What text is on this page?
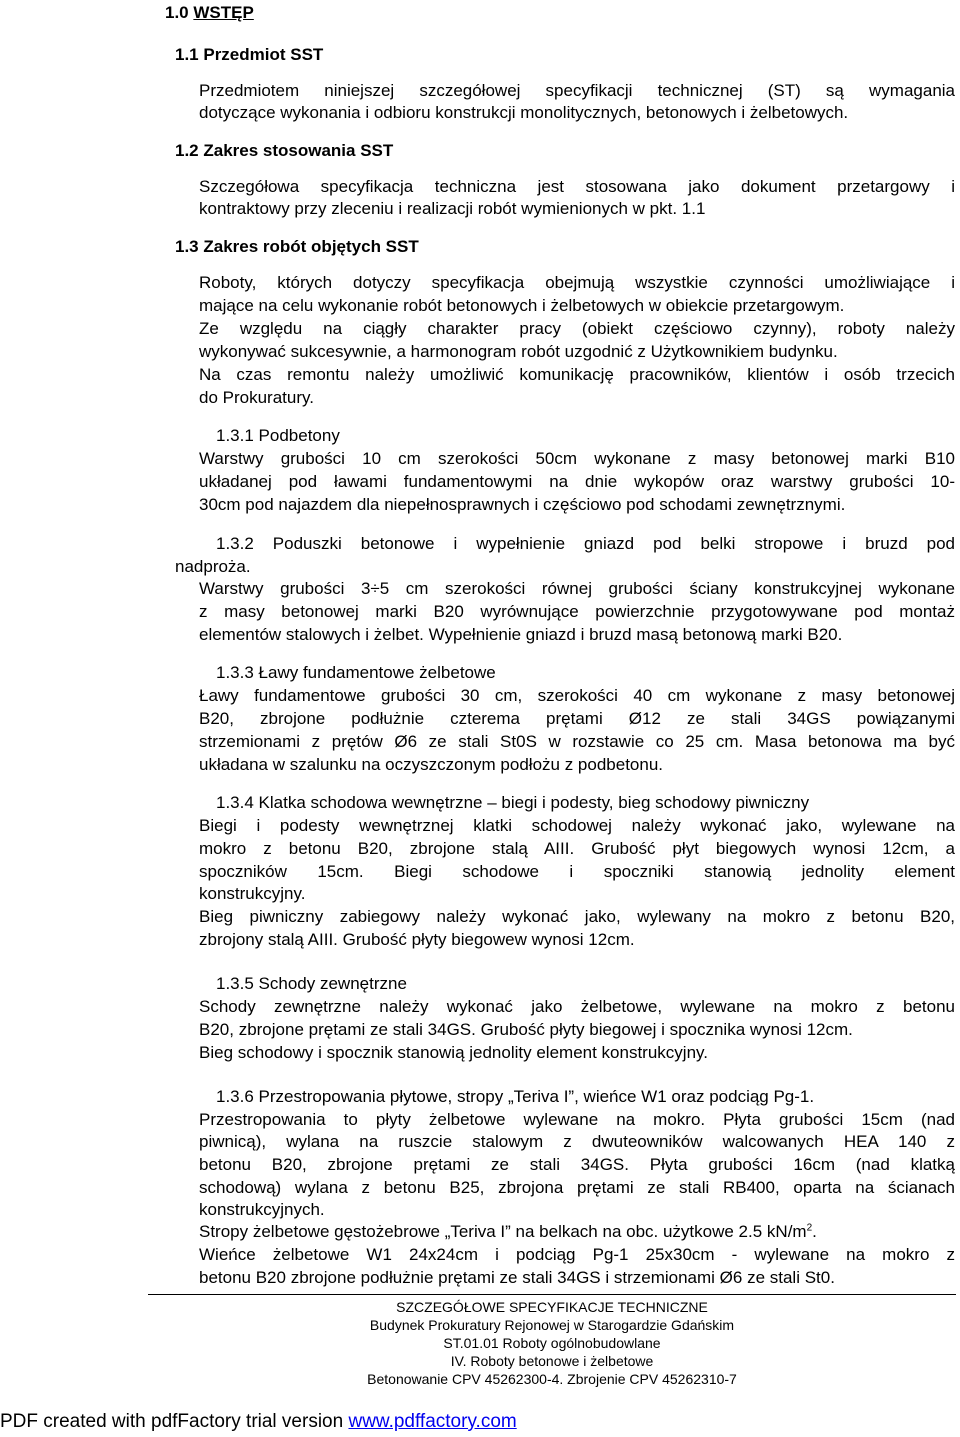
1.0 WSTĘP
1.1 Przedmiot SST
Przedmiotem niniejszej szczegółowej specyfikacji technicznej (ST) są wymagania
dotyczące wykonania i odbioru konstrukcji monolitycznych, betonowych i żelbetowych.
1.2 Zakres stosowania SST
Szczegółowa specyfikacja techniczna jest stosowana jako dokument przetargowy i
kontraktowy przy zleceniu i realizacji robót wymienionych w pkt. 1.1
1.3 Zakres robót objętych SST
Roboty, których dotyczy specyfikacja obejmują wszystkie czynności umożliwiające i
mające na celu wykonanie robót betonowych i żelbetowych w obiekcie przetargowym.
Ze względu na ciągły charakter pracy (obiekt częściowo czynny), roboty należy
wykonywać sukcesywnie, a harmonogram robót uzgodnić z Użytkownikiem budynku.
Na czas remontu należy umożliwić komunikację pracowników, klientów i osób trzecich
do Prokuratury.
1.3.1 Podbetony
Warstwy grubości 10 cm szerokości 50cm wykonane z masy betonowej marki B10
układanej pod ławami fundamentowymi na dnie wykopów oraz warstwy grubości 10-
30cm pod najazdem dla niepełnosprawnych i częściowo pod schodami zewnętrznymi.
1.3.2 Poduszki betonowe i wypełnienie gniazd pod belki stropowe i bruzd pod
nadproża.
Warstwy grubości 3÷5 cm szerokości równej grubości ściany konstrukcyjnej wykonane
z masy betonowej marki B20 wyrównujące powierzchnie przygotowywane pod montaż
elementów stalowych i żelbet. Wypełnienie gniazd i bruzd masą betonową marki B20.
1.3.3 Ławy fundamentowe żelbetowe
Ławy fundamentowe grubości 30 cm, szerokości 40 cm wykonane z masy betonowej
B20, zbrojone podłużnie czterema prętami Ø12 ze stali 34GS powiązanymi
strzemionami z prętów Ø6 ze stali St0S w rozstawie co 25 cm. Masa betonowa ma być
układana w szalunku na oczyszczonym podłożu z podbetonu.
1.3.4 Klatka schodowa wewnętrzne – biegi i podesty, bieg schodowy piwniczny
Biegi i podesty wewnętrznej klatki schodowej należy wykonać jako, wylewane na
mokro z betonu B20, zbrojone stalą AIII. Grubość płyt biegowych wynosi 12cm, a
spoczników 15cm. Biegi schodowe i spoczniki stanowią jednolity element
konstrukcyjny.
Bieg piwniczny zabiegowy należy wykonać jako, wylewany na mokro z betonu B20,
zbrojony stalą AIII. Grubość płyty biegowew wynosi 12cm.
1.3.5 Schody zewnętrzne
Schody zewnętrzne należy wykonać jako żelbetowe, wylewane na mokro z betonu
B20, zbrojone prętami ze stali 34GS. Grubość płyty biegowej i spocznika wynosi 12cm.
Bieg schodowy i spocznik stanowią jednolity element konstrukcyjny.
1.3.6 Przestropowania płytowe, stropy „Teriva I”, wieńce W1 oraz podciąg Pg-1.
Przestropowania to płyty żelbetowe wylewane na mokro. Płyta grubości 15cm (nad
piwnicą), wylana na ruszcie stalowym z dwuteowników walcowanych HEA 140 z
betonu B20, zbrojone prętami ze stali 34GS. Płyta grubości 16cm (nad klatką
schodową) wylana z betonu B25, zbrojona prętami ze stali RB400, oparta na ścianach
konstrukcyjnych.
Stropy żelbetowe gęstożebrowe „Teriva I” na belkach na obc. użytkowe 2.5 $kN/m^2$.
Wieńce żelbetowe W1 24x24cm i podciąg Pg-1 25x30cm - wylewane na mokro z
betonu B20 zbrojone podłużnie prętami ze stali 34GS i strzemionami Ø6 ze stali St0.
SZCZEGÓŁOWE SPECYFIKACJE TECHNICZNE
Budynek Prokuratury Rejonowej w Starogardzie Gdańskim
ST.01.01 Roboty ogólnobudowlane
IV. Roboty betonowe i żelbetowe
Betonowanie CPV 45262300-4. Zbrojenie CPV 45262310-7
PDF created with pdfFactory trial version www.pdffactory.com
